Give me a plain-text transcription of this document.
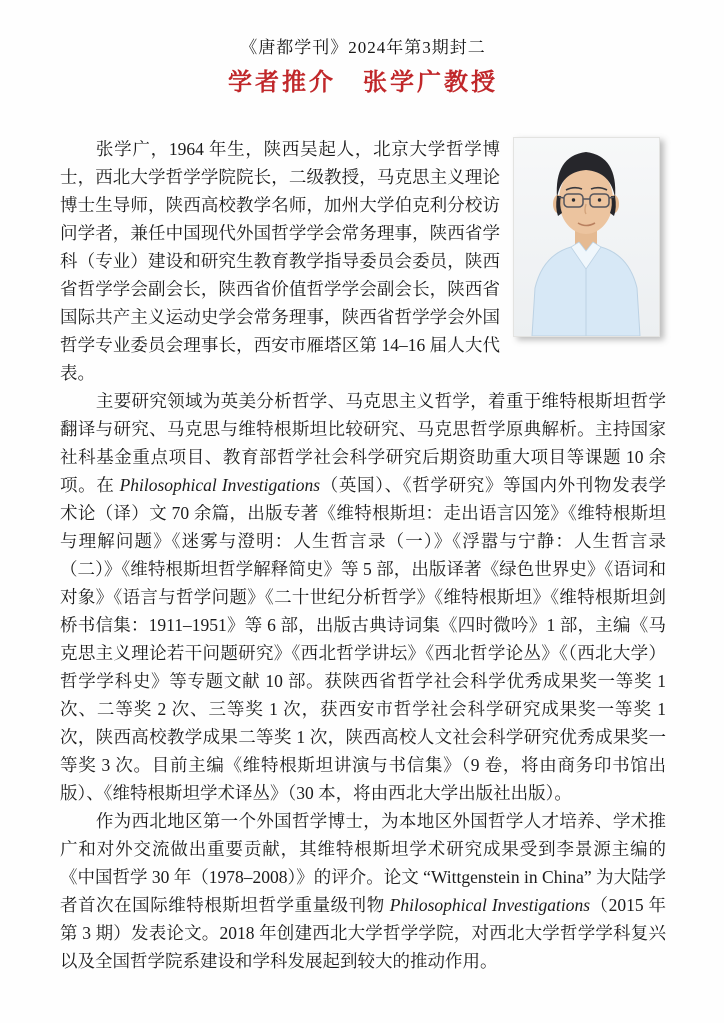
《唐都学刊》2024年第3期封二
学者推介　张学广教授

张学广，1964 年生，陕西吴起人，北京大学哲学博士，西北大学哲学学院院长，二级教授，马克思主义理论博士生导师，陕西高校教学名师，加州大学伯克利分校访问学者，兼任中国现代外国哲学学会常务理事，陕西省学科（专业）建设和研究生教育教学指导委员会委员，陕西省哲学学会副会长，陕西省价值哲学学会副会长，陕西省国际共产主义运动史学会常务理事，陕西省哲学学会外国哲学专业委员会理事长，西安市雁塔区第 14–16 届人大代表。

主要研究领域为英美分析哲学、马克思主义哲学，着重于维特根斯坦哲学翻译与研究、马克思与维特根斯坦比较研究、马克思哲学原典解析。主持国家社科基金重点项目、教育部哲学社会科学研究后期资助重大项目等课题 10 余项。在 Philosophical Investigations（英国）、《哲学研究》等国内外刊物发表学术论（译）文 70 余篇，出版专著《维特根斯坦：走出语言囚笼》《维特根斯坦与理解问题》《迷雾与澄明：人生哲言录（一）》《浮嚣与宁静：人生哲言录（二）》《维特根斯坦哲学解释简史》等 5 部，出版译著《绿色世界史》《语词和对象》《语言与哲学问题》《二十世纪分析哲学》《维特根斯坦》《维特根斯坦剑桥书信集：1911–1951》等 6 部，出版古典诗词集《四时微吟》1 部，主编《马克思主义理论若干问题研究》《西北哲学讲坛》《西北哲学论丛》《（西北大学）哲学学科史》等专题文献 10 部。获陕西省哲学社会科学优秀成果奖一等奖 1 次、二等奖 2 次、三等奖 1 次，获西安市哲学社会科学研究成果奖一等奖 1 次，陕西高校教学成果二等奖 1 次，陕西高校人文社会科学研究优秀成果奖一等奖 3 次。目前主编《维特根斯坦讲演与书信集》（9 卷，将由商务印书馆出版）、《维特根斯坦学术译丛》（30 本，将由西北大学出版社出版）。

作为西北地区第一个外国哲学博士，为本地区外国哲学人才培养、学术推广和对外交流做出重要贡献，其维特根斯坦学术研究成果受到李景源主编的《中国哲学 30 年（1978–2008）》的评介。论文 “Wittgenstein in China” 为大陆学者首次在国际维特根斯坦哲学重量级刊物 Philosophical Investigations（2015 年第 3 期）发表论文。2018 年创建西北大学哲学学院，对西北大学哲学学科复兴以及全国哲学院系建设和学科发展起到较大的推动作用。
